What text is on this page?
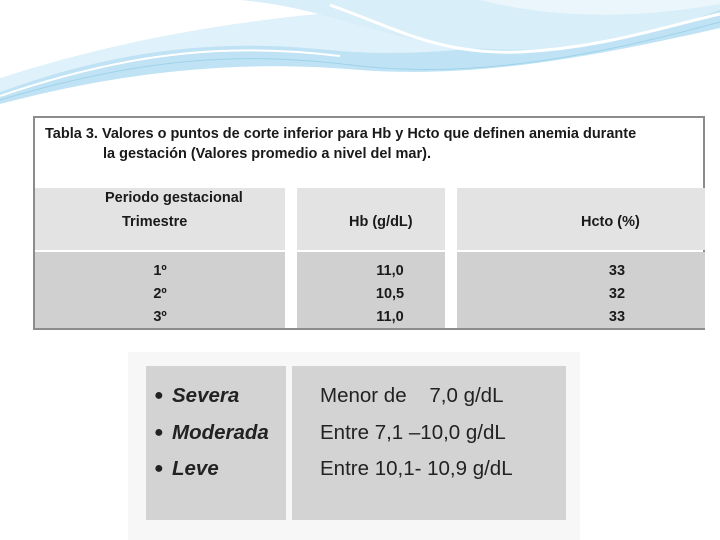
Tabla 3. Valores o puntos de corte inferior para Hb y Hcto que definen anemia durante
la gestación (Valores promedio a nivel del mar).
Periodo gestacional
Trimestre	Hb (g/dL)	Hcto (%)
1º
2º
3º
11,0
10,5
11,0
33
32
33
● Severa
● Moderada
● Leve
Menor de    7,0 g/dL
Entre 7,1 –10,0 g/dL
Entre 10,1- 10,9 g/dL
